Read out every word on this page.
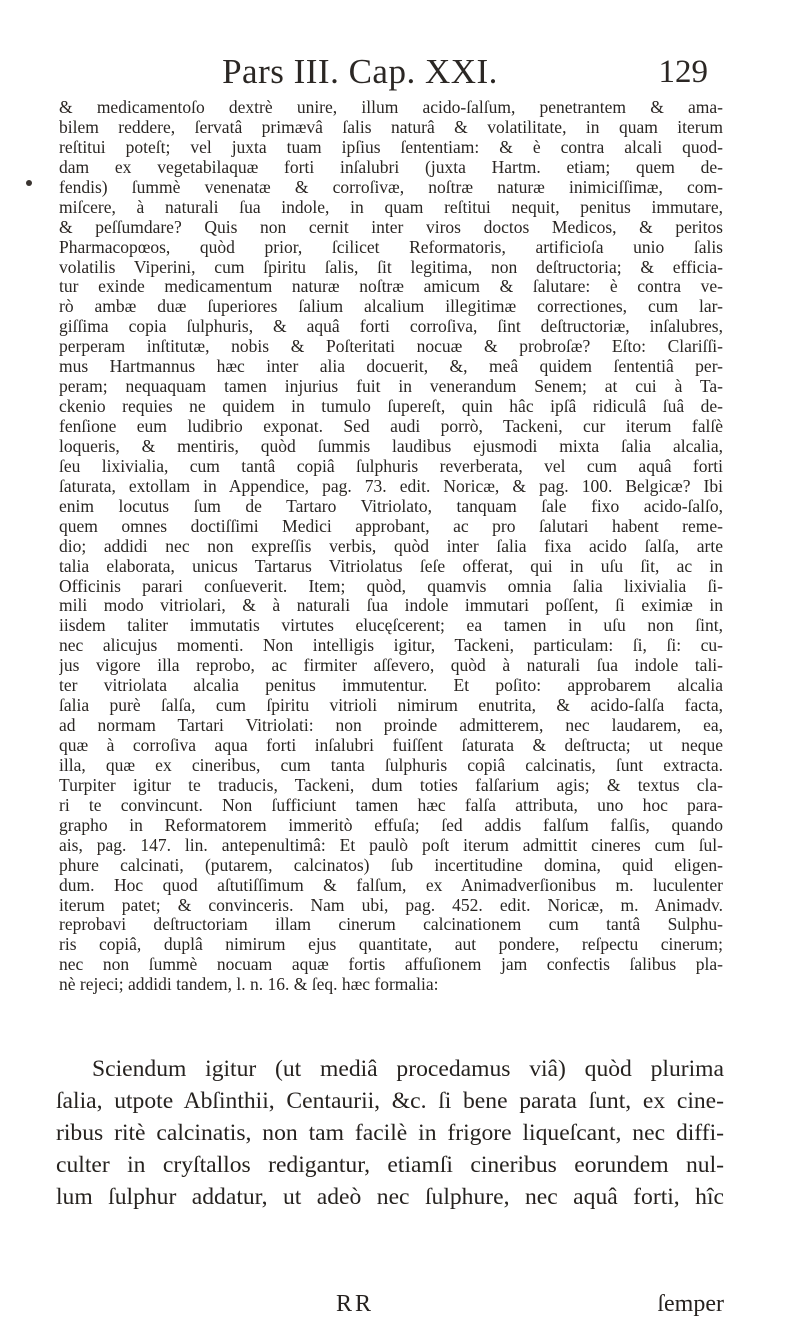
Pars III. Cap. XXI.	129
& medicamentoſo dextrè unire, illum acido-ſalſum, penetrantem & ama-
bilem reddere, ſervatâ primævâ ſalis naturâ & volatilitate, in quam iterum
reſtitui poteſt; vel juxta tuam ipſius ſententiam: & è contra alcali quod-
dam ex vegetabilaquæ forti inſalubri (juxta Hartm. etiam; quem de-
fendis) ſummè venenatæ & corroſivæ, noſtræ naturæ inimiciſſimæ, com-
miſcere, à naturali ſua indole, in quam reſtitui nequit, penitus immutare,
& peſſumdare? Quis non cernit inter viros doctos Medicos, & peritos
Pharmacopœos, quòd prior, ſcilicet Reformatoris, artificioſa unio ſalis
volatilis Viperini, cum ſpiritu ſalis, ſit legitima, non deſtructoria; & efficia-
tur exinde medicamentum naturæ noſtræ amicum & ſalutare: è contra ve-
rò ambæ duæ ſuperiores ſalium alcalium illegitimæ correctiones, cum lar-
giſſima copia ſulphuris, & aquâ forti corroſiva, ſint deſtructoriæ, inſalubres,
perperam inſtitutæ, nobis & Poſteritati nocuæ & probroſæ? Eſto: Clariſſi-
mus Hartmannus hæc inter alia docuerit, &, meâ quidem ſententiâ per-
peram; nequaquam tamen injurius fuit in venerandum Senem; at cui à Ta-
ckenio requies ne quidem in tumulo ſupereſt, quin hâc ipſâ ridiculâ ſuâ de-
fenſione eum ludibrio exponat. Sed audi porrò, Tackeni, cur iterum falſè
loqueris, & mentiris, quòd ſummis laudibus ejusmodi mixta ſalia alcalia,
ſeu lixivialia, cum tantâ copiâ ſulphuris reverberata, vel cum aquâ forti
ſaturata, extollam in Appendice, pag. 73. edit. Noricæ, & pag. 100. Belgicæ? Ibi
enim locutus ſum de Tartaro Vitriolato, tanquam ſale fixo acido-ſalſo,
quem omnes doctiſſimi Medici approbant, ac pro ſalutari habent reme-
dio; addidi nec non expreſſis verbis, quòd inter ſalia fixa acido ſalſa, arte
talia elaborata, unicus Tartarus Vitriolatus ſeſe offerat, qui in uſu ſit, ac in
Officinis parari conſueverit. Item; quòd, quamvis omnia ſalia lixivialia ſi-
mili modo vitriolari, & à naturali ſua indole immutari poſſent, ſi eximiæ in
iisdem taliter immutatis virtutes elucęſcerent; ea tamen in uſu non ſint,
nec alicujus momenti. Non intelligis igitur, Tackeni, particulam: ſi, ſi: cu-
jus vigore illa reprobo, ac firmiter aſſevero, quòd à naturali ſua indole tali-
ter vitriolata alcalia penitus immutentur. Et poſito: approbarem alcalia
ſalia purè ſalſa, cum ſpiritu vitrioli nimirum enutrita, & acido-ſalſa facta,
ad normam Tartari Vitriolati: non proinde admitterem, nec laudarem, ea,
quæ à corroſiva aqua forti inſalubri fuiſſent ſaturata & deſtructa; ut neque
illa, quæ ex cineribus, cum tanta ſulphuris copiâ calcinatis, ſunt extracta.
Turpiter igitur te traducis, Tackeni, dum toties falſarium agis; & textus cla-
ri te convincunt. Non ſufficiunt tamen hæc falſa attributa, uno hoc para-
grapho in Reformatorem immeritò effuſa; ſed addis falſum falſis, quando
ais, pag. 147. lin. antepenultimâ: Et paulò poſt iterum admittit cineres cum ſul-
phure calcinati, (putarem, calcinatos) ſub incertitudine domina, quid eligen-
dum. Hoc quod aſtutiſſimum & falſum, ex Animadverſionibus m. luculenter
iterum patet; & convinceris. Nam ubi, pag. 452. edit. Noricæ, m. Animadv.
reprobavi deſtructoriam illam cinerum calcinationem cum tantâ Sulphu-
ris copiâ, duplâ nimirum ejus quantitate, aut pondere, reſpectu cinerum;
nec non ſummè nocuam aquæ fortis affuſionem jam confectis ſalibus pla-
nè rejeci; addidi tandem, l. n. 16. & ſeq. hæc formalia:
Sciendum igitur (ut mediâ procedamus viâ) quòd plurima
ſalia, utpote Abſinthii, Centaurii, &c. ſi bene parata ſunt, ex cine-
ribus ritè calcinatis, non tam facilè in frigore liqueſcant, nec diffi-
culter in cryſtallos redigantur, etiamſi cineribus eorundem nul-
lum ſulphur addatur, ut adeò nec ſulphure, nec aquâ forti, hîc
RR	ſemper
